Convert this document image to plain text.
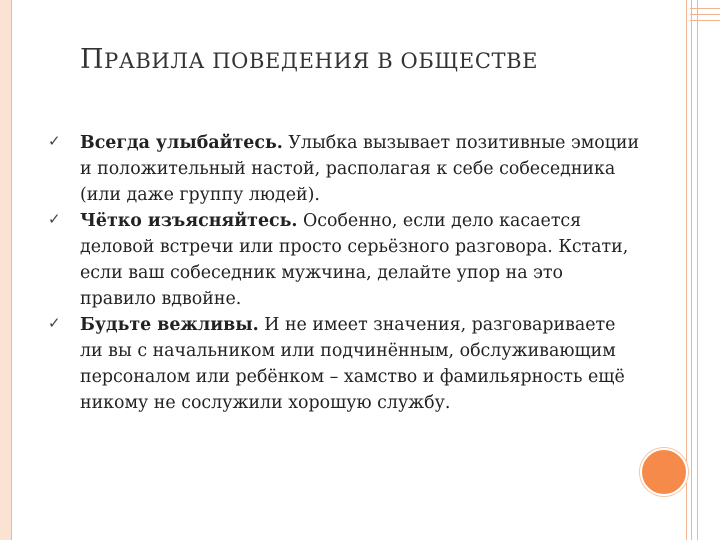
ПРАВИЛА ПОВЕДЕНИЯ В ОБЩЕСТВЕ
✓ Всегда улыбайтесь. Улыбка вызывает позитивные эмоции и положительный настой, располагая к себе собеседника (или даже группу людей).
✓ Чётко изъясняйтесь. Особенно, если дело касается деловой встречи или просто серьёзного разговора. Кстати, если ваш собеседник мужчина, делайте упор на это правило вдвойне.
✓ Будьте вежливы. И не имеет значения, разговариваете ли вы с начальником или подчинённым, обслуживающим персоналом или ребёнком – хамство и фамильярность ещё никому не сослужили хорошую службу.
